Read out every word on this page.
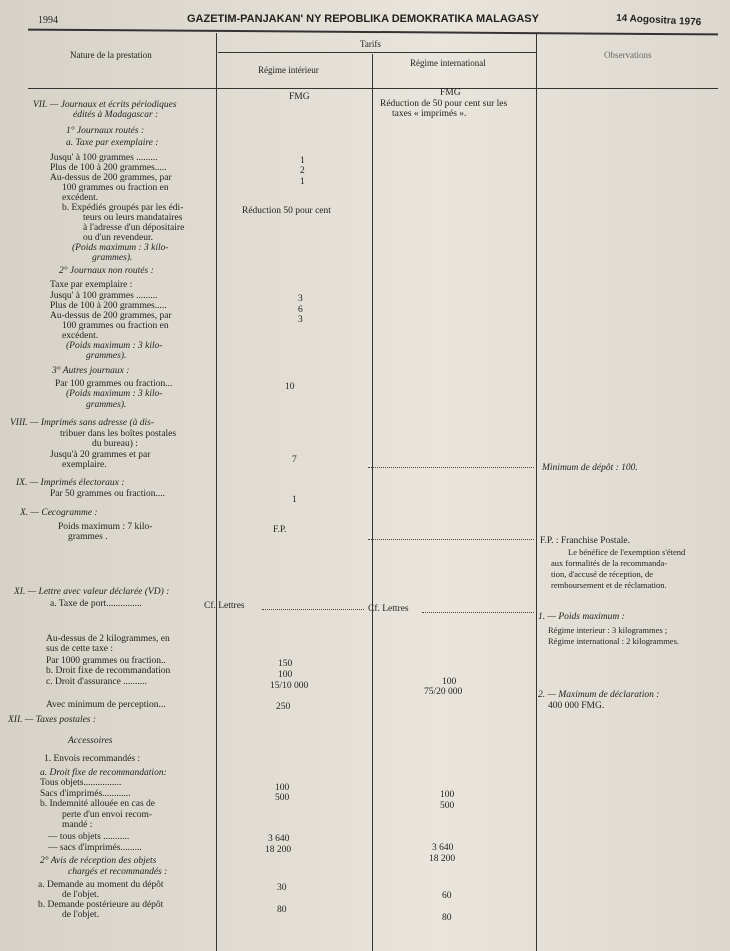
1994	GAZETIM-PANJAKAN' NY REPOBLIKA DEMOKRATIKA MALAGASY	14 Aogositra 1976
Nature de la prestation
Tarifs
Régime intérieur
Régime international
Observations
VII. — Journaux et écrits périodiques
édités à Madagascar :
1° Journaux routés :
a. Taxe par exemplaire :
Jusqu' à 100 grammes .........
Plus de 100 à 200 grammes.....
Au-dessus de 200 grammes, par
100 grammes ou fraction en
excédent.
b. Expédiés groupés par les édi-
teurs ou leurs mandataires
à l'adresse d'un dépositaire
ou d'un revendeur.
(Poids maximum : 3 kilo-
grammes).
2° Journaux non routés :
Taxe par exemplaire :
Jusqu' à 100 grammes .........
Plus de 100 à 200 grammes.....
Au-dessus de 200 grammes, par
100 grammes ou fraction en
excédent.
(Poids maximum : 3 kilo-
grammes).
3° Autres journaux :
Par 100 grammes ou fraction...
(Poids maximum : 3 kilo-
grammes).
VIII. — Imprimés sans adresse (à dis-
tribuer dans les boîtes postales
du bureau) :
Jusqu'à 20 grammes et par
exemplaire.
IX. — Imprimés électoraux :
Par 50 grammes ou fraction....
X. — Cecogramme :
Poids maximum : 7 kilo-
grammes .
XI. — Lettre avec valeur déclarée (VD) :
a. Taxe de port...............
Au-dessus de 2 kilogrammes, en
sus de cette taxe :
Par 1000 grammes ou fraction..
b. Droit fixe de recommandation
c. Droit d'assurance ..........
Avec minimum de perception...
XII. — Taxes postales :
Accessoires
1. Envois recommandés :
a. Droit fixe de recommandation:
Tous objets................
Sacs d'imprimés............
b. Indemnité allouée en cas de
perte d'un envoi recom-
mandé :
— tous objets ...........
— sacs d'imprimés.........
2° Avis de réception des objets
chargés et recommandés :
a. Demande au moment du dépôt
de l'objet.
b. Demande postérieure au dépôt
de l'objet.
FMG
1
2
1
Réduction 50 pour cent
3
6
3
10
7
1
F.P.
Cf. Lettres
150
100
15/10 000
250
100
500
3 640
18 200
30
80
FMG
Réduction de 50 pour cent sur les
taxes « imprimés ».
Cf. Lettres
100
75/20 000
100
500
3 640
18 200
60
80
Minimum de dépôt : 100.
F.P. : Franchise Postale.
Le bénéfice de l'exemption s'étend
aux formalités de la recommanda-
tion, d'accusé de réception, de
remboursement et de réclamation.
1. — Poids maximum :
Régime interieur : 3 kilogrammes ;
Régime international : 2 kilogrammes.
2. — Maximum de déclaration :
400 000 FMG.
